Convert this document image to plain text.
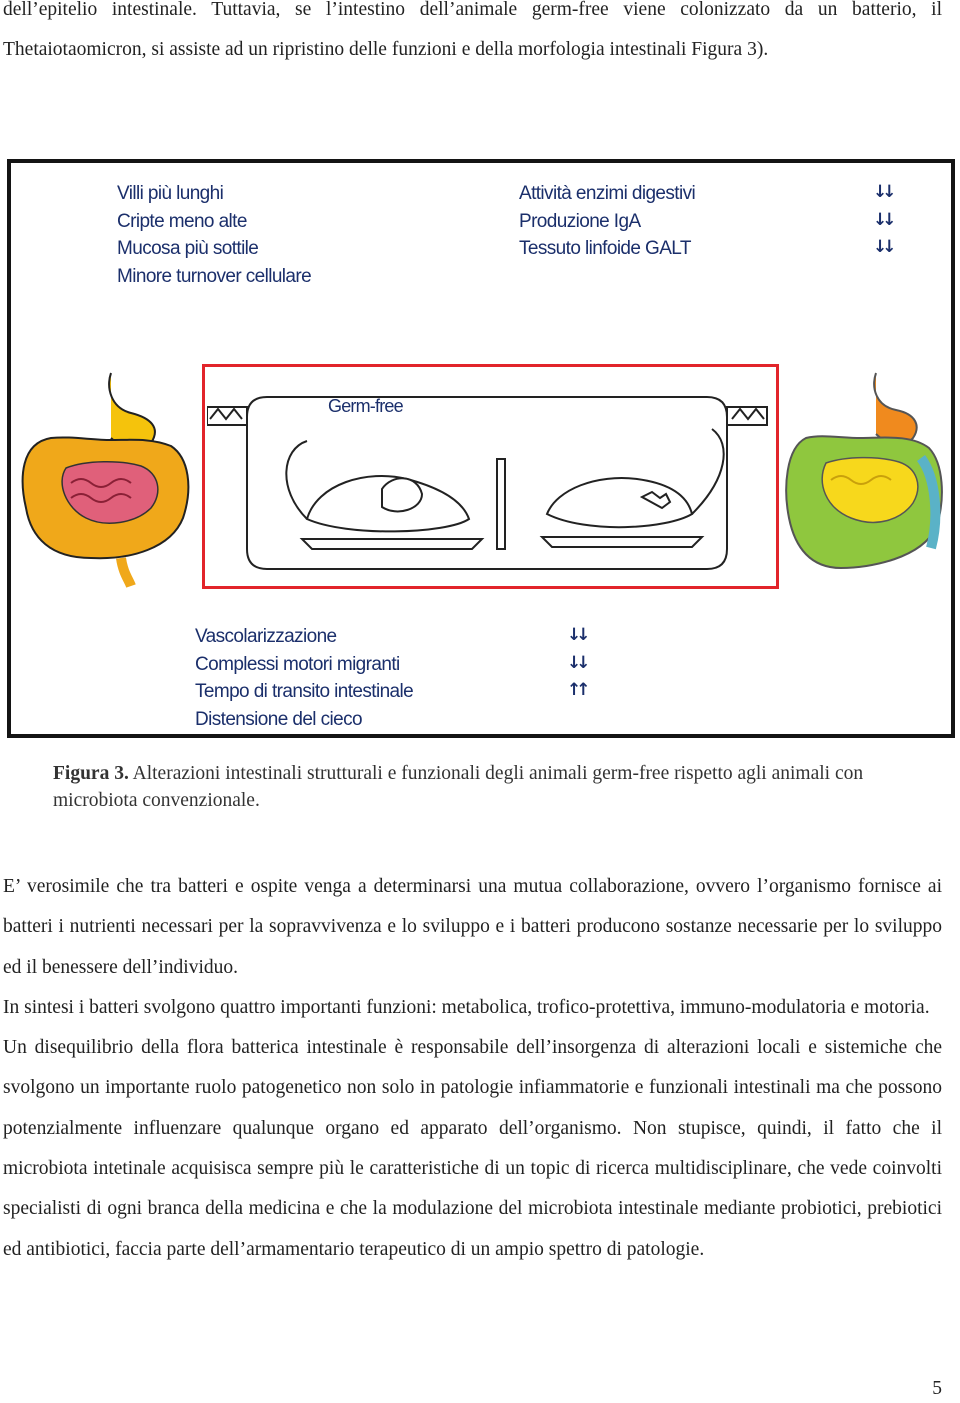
dell’epitelio intestinale. Tuttavia, se l’intestino dell’animale germ-free viene colonizzato da un batterio, il Thetaiotaomicron, si assiste ad un ripristino delle funzioni e della morfologia intestinali Figura 3).

Villi più lunghi
Cripte meno alte
Mucosa più sottile
Minore turnover cellulare
Attività enzimi digestivi
Produzione IgA
Tessuto linfoide GALT
↓↓
↓↓
↓↓
Germ-free
Vascolarizzazione
Complessi motori migranti
Tempo di transito intestinale
Distensione del cieco
↓↓
↓↓
↑↑

Figura 3. Alterazioni intestinali strutturali e funzionali degli animali germ-free rispetto agli animali con microbiota convenzionale.

E’ verosimile che tra batteri e ospite venga a determinarsi una mutua collaborazione, ovvero l’organismo fornisce ai batteri i nutrienti necessari per la sopravvivenza e lo sviluppo e i batteri producono sostanze necessarie per lo sviluppo ed il benessere dell’individuo.

In sintesi i batteri svolgono quattro importanti funzioni: metabolica, trofico-protettiva, immuno-modulatoria e motoria.

Un disequilibrio della flora batterica intestinale è responsabile dell’insorgenza di alterazioni locali e sistemiche che svolgono un importante ruolo patogenetico non solo in patologie infiammatorie e funzionali intestinali ma che possono potenzialmente influenzare qualunque organo ed apparato dell’organismo. Non stupisce, quindi, il fatto che il microbiota intetinale acquisisca sempre più le caratteristiche di un topic di ricerca multidisciplinare, che vede coinvolti specialisti di ogni branca della medicina e che la modulazione del microbiota intestinale mediante probiotici, prebiotici ed antibiotici, faccia parte dell’armamentario terapeutico di un ampio spettro di patologie.

5
